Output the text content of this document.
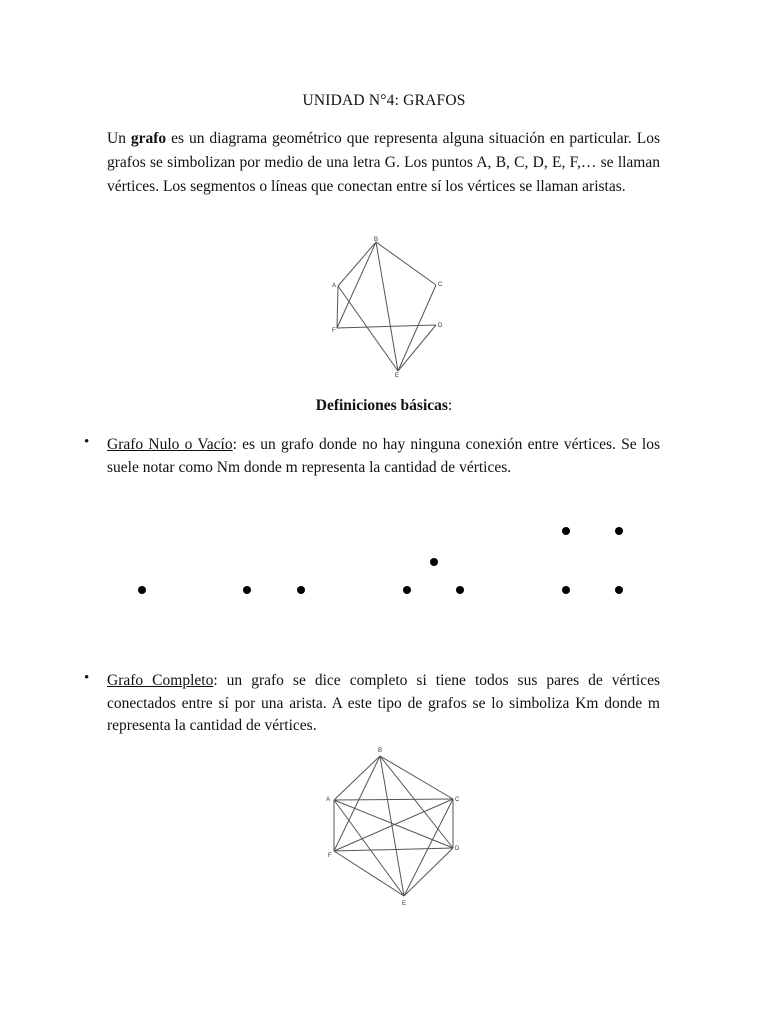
UNIDAD N°4: GRAFOS
Un grafo es un diagrama geométrico que representa alguna situación en particular. Los grafos se simbolizan por medio de una letra G. Los puntos A, B, C, D, E, F,… se llaman vértices. Los segmentos o líneas que conectan entre sí los vértices se llaman aristas.
B
A	C
F
D
E
Definiciones básicas:
• Grafo Nulo o Vacío: es un grafo donde no hay ninguna conexión entre vértices. Se los suele notar como Nm donde m representa la cantidad de vértices.
• Grafo Completo: un grafo se dice completo si tiene todos sus pares de vértices conectados entre sí por una arista. A este tipo de grafos se lo simboliza Km donde m representa la cantidad de vértices.
B
A	C
F
D
E
